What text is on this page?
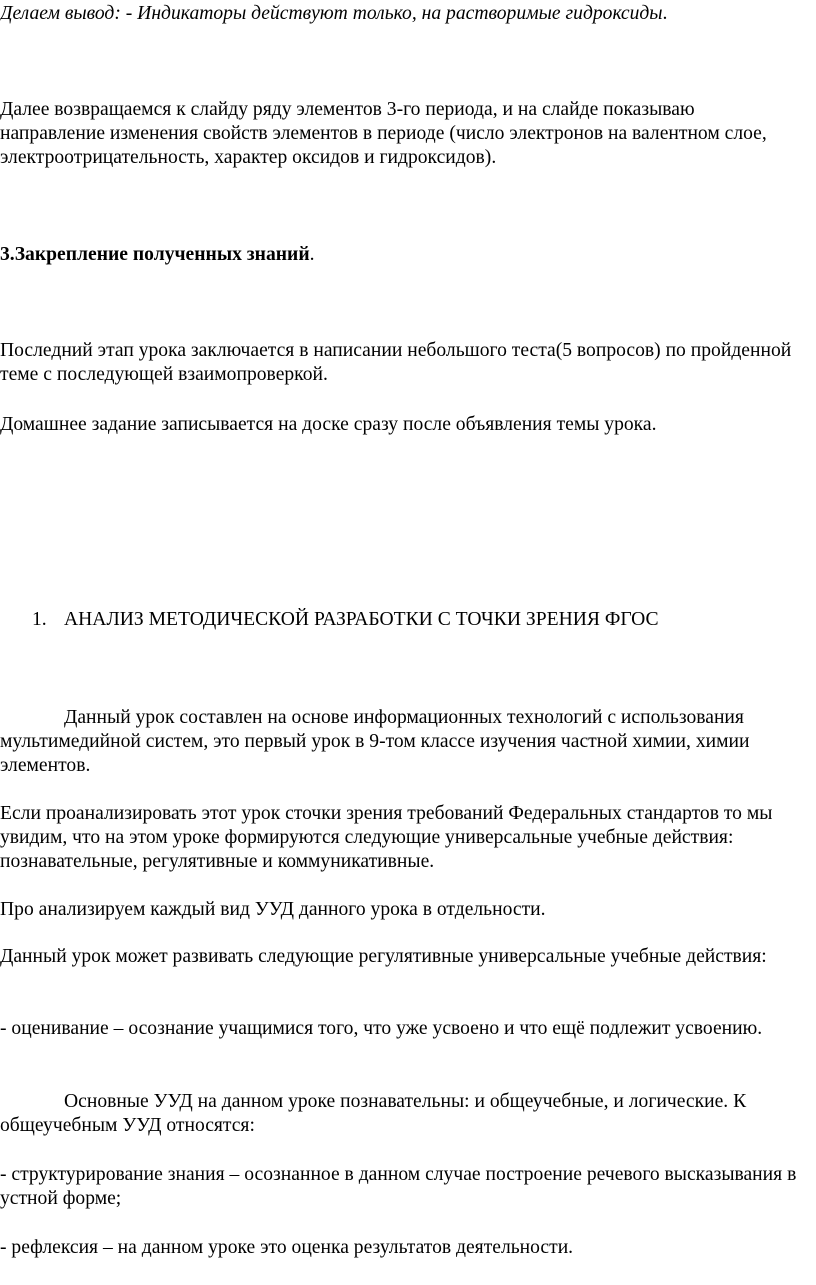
Делаем вывод: - Индикаторы действуют только, на растворимые гидроксиды.

Далее возвращаемся к слайду ряду элементов 3-го периода, и на слайде показываю направление изменения свойств элементов в периоде (число электронов на валентном слое, электроотрицательность, характер оксидов и гидроксидов).

3.Закрепление полученных знаний.

Последний этап урока заключается в написании небольшого теста(5 вопросов) по пройденной теме с последующей взаимопроверкой.

Домашнее задание записывается на доске сразу после объявления темы урока.

1. АНАЛИЗ МЕТОДИЧЕСКОЙ РАЗРАБОТКИ С ТОЧКИ ЗРЕНИЯ ФГОС

Данный урок составлен на основе информационных технологий с использования мультимедийной систем, это первый урок в 9-том классе изучения частной химии, химии элементов.

Если проанализировать этот урок сточки зрения требований Федеральных стандартов то мы увидим, что на этом уроке формируются следующие универсальные учебные действия: познавательные, регулятивные и коммуникативные.

Про анализируем каждый вид УУД данного урока в отдельности.

Данный урок может развивать следующие регулятивные универсальные учебные действия:

- оценивание – осознание учащимися того, что уже усвоено и что ещё подлежит усвоению.

Основные УУД на данном уроке познавательны: и общеучебные, и логические. К общеучебным УУД относятся:

- структурирование знания – осознанное в данном случае построение речевого высказывания в устной форме;

- рефлексия – на данном уроке это оценка результатов деятельности.
